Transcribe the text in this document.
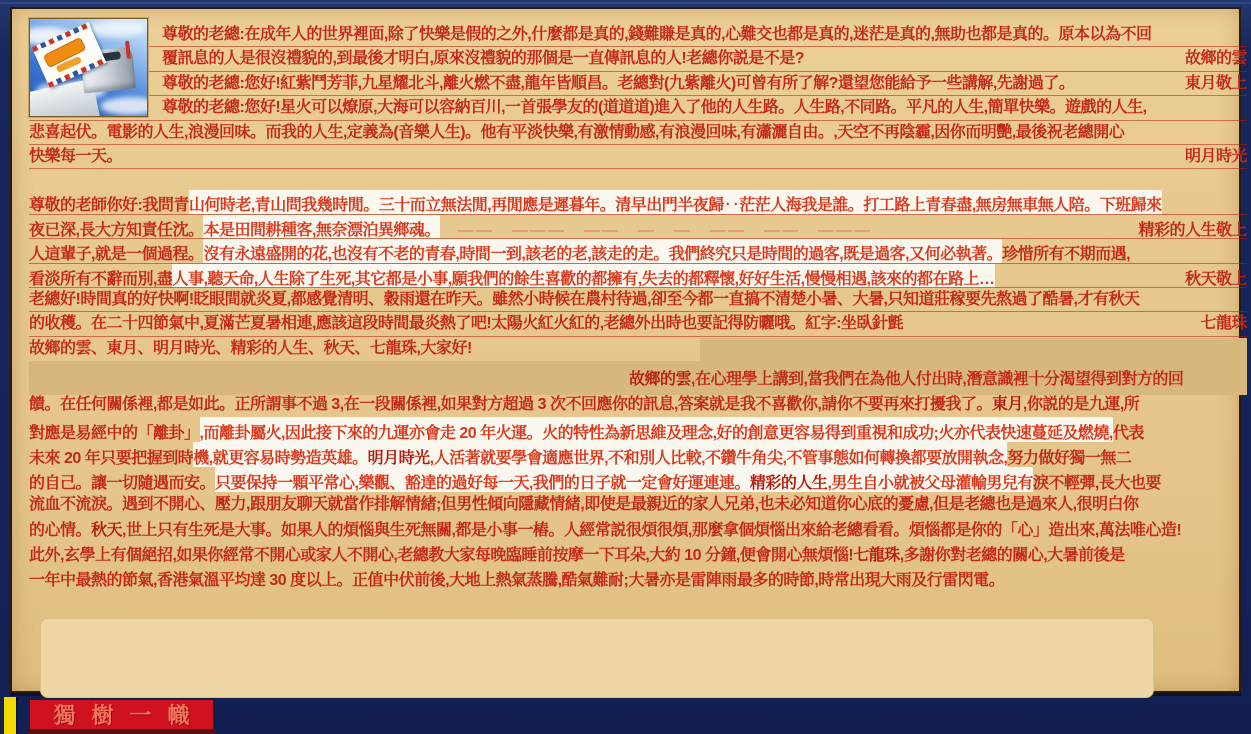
尊敬的老總:在成年人的世界裡面,除了快樂是假的之外,什麼都是真的,錢難賺是真的,心難交也都是真的,迷茫是真的,無助也都是真的。原本以為不回
覆訊息的人是很沒禮貌的,到最後才明白,原來沒禮貌的那個是一直傳訊息的人!老總你説是不是?	故鄉的雲
尊敬的老總:您好!紅紫鬥芳菲,九星耀北斗,離火燃不盡,龍年皆順昌。老總對(九紫離火)可曾有所了解?還望您能給予一些講解,先謝過了。	東月敬上
尊敬的老總:您好!星火可以燎原,大海可以容納百川,一首張學友的(道道道)進入了他的人生路。人生路,不同路。平凡的人生,簡單快樂。遊戲的人生,
悲喜起伏。電影的人生,浪漫回味。而我的人生,定義為(音樂人生)。他有平淡快樂,有激情動感,有浪漫回味,有瀟灑自由。,天空不再陰霾,因你而明艷,最後祝老總開心
快樂每一天。	明月時光
尊敬的老師你好:我問青 山何時老,青山問我幾時閒。三十而立無法閒,再閒應是遲暮年。清早出門半夜歸‥茫茫人海我是誰。打工路上青春盡,無房無車無人陪。下班歸來
夜已深,長大方知責任沈。 本是田間耕種客,無奈漂泊異鄉魂。 　——　———　——　—　—　——　——　———	精彩的人生敬上
人這輩子,就是一個過程。 沒有永遠盛開的花,也沒有不老的青春,時間一到,該老的老,該走的走。我們終究只是時間的過客,既是過客,又何必執著。 珍惜所有不期而遇,
看淡所有不辭而別,盡 人事,聽天命,人生除了生死,其它都是小事,願我們的餘生喜歡的都擁有,失去的都釋懷,好好生活,慢慢相遇,該來的都在路上…	秋天敬上
老總好!時間真的好快啊!眨眼間就炎夏,都感覺清明、穀雨還在昨天。雖然小時候在農村待過,卻至今都一直搞不清楚小暑、大暑,只知道莊稼要先熬過了酷暑,才有秋天
的收穫。在二十四節氣中,夏滿芒夏暑相連,應該這段時間最炎熱了吧!太陽火紅火紅的,老總外出時也要記得防曬哦。紅字:坐臥針氈	七龍珠
故鄉的雲、東月、明月時光、精彩的人生、秋天、七龍珠,大家好!
故鄉的雲 ,在心理學上講到,當我們在為他人付出時,潛意識裡十分渴望得到對方的回
饋。在任何關係裡,都是如此。正所謂事不過 3,在一段關係裡,如果對方超過 3 次不回應你的訊息,答案就是我不喜歡你,請你不要再來打擾我了。 東月 ,你説的是九運,所
對應是易經中的「離卦」 ,而離卦屬火,因此接下來的九運亦會走 20 年火運。火的特性為新思維及理念,好的創意更容易得到重視和成功;火亦代表快速蔓延及燃燒, 代表
未來 20 年只要把握到時 機,就更容易時勢造英雄。 明月時光 ,人活著就要學會適應世界,不和別人比較,不鑽牛角尖,不管事態如何轉換都要放開執念, 努力做好獨一無二
的自己。讓一切隨遇而安。 只要保持一顆平常心,樂觀、豁達的過好每一天,我們的日子就一定會好運連連。 精彩的人生 ,男生自小就被父母灌輸男兒有 淚不輕彈,長大也要
流血不流淚。遇到不開心、壓力,跟朋友聊天就當作排解情緒;但男性傾向隱藏情緒,即使是最親近的家人兄弟,也未必知道你心底的憂慮,但是老總也是過來人,很明白你
的心情。 秋天 ,世上只有生死是大事。如果人的煩惱與生死無關,都是小事一樁。人經常説很煩很煩,那麼拿個煩惱出來給老總看看。煩惱都是你的「心」造出來,萬法唯心造!
此外,玄學上有個絕招,如果你經常不開心或家人不開心,老總教大家每晚臨睡前按摩一下耳朵,大約 10 分鐘,便會開心無煩惱! 七龍珠 ,多謝你對老總的關心,大暑前後是
一年中最熱的節氣,香港氣溫平均達 30 度以上。正值中伏前後,大地上熱氣蒸騰,酷氣難耐;大暑亦是雷陣雨最多的時節,時常出現大雨及行雷閃電。
獨樹一幟
